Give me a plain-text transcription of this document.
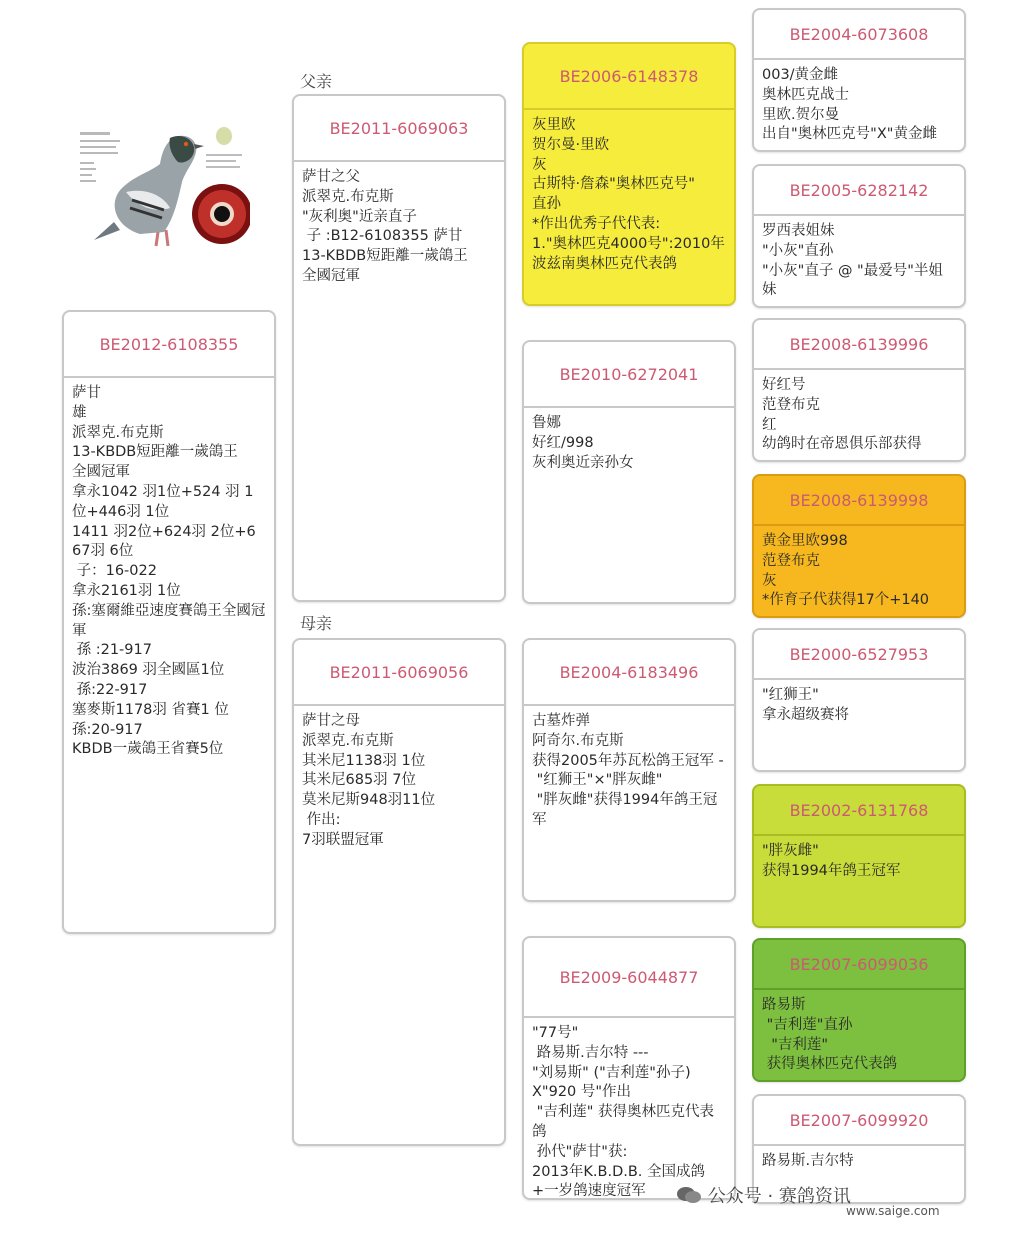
父亲
母亲
BE2012-6108355
萨甘
雄
派翠克.布克斯
13-KBDB短距離一歲鴿王
全國冠軍
拿永1042 羽1位+524 羽 1位+446羽 1位
1411 羽2位+624羽 2位+6 67羽 6位
子：16-022
拿永2161羽 1位
孫:塞爾維亞速度賽鴿王全國冠軍
孫 :21-917
波治3869 羽全國區1位
孫:22-917
塞麥斯1178羽 省賽1 位
孫:20-917
KBDB一歲鴿王省賽5位
BE2011-6069063
萨甘之父
派翠克.布克斯
"灰利奥"近亲直子
子 :B12-6108355 萨甘
13-KBDB短距離一歲鴿王
全國冠軍
BE2011-6069056
萨甘之母
派翠克.布克斯
其米尼1138羽 1位
其米尼685羽 7位
莫米尼斯948羽11位
作出:
7羽联盟冠軍
BE2006-6148378
灰里欧
贺尔曼·里欧
灰
古斯特·詹森"奥林匹克号"
直孙
*作出优秀子代代表:
1."奥林匹克4000号":2010年波兹南奥林匹克代表鸽
BE2010-6272041
鲁娜
好红/998
灰利奥近亲孙女
BE2004-6183496
古墓炸弹
阿奇尔.布克斯
获得2005年苏瓦松鸽王冠军 -
"红狮王"×"胖灰雌"
"胖灰雌"获得1994年鸽王冠军
BE2009-6044877
"77号"
路易斯.吉尔特 ---
"刘易斯" ("吉利莲"孙子)
X"920 号"作出
"吉利莲" 获得奥林匹克代表鸽
孙代"萨甘"获:
2013年K.B.D.B. 全国成鸽+一岁鸽速度冠军
BE2004-6073608
003/黄金雌
奥林匹克战士
里欧.贺尔曼
出自"奥林匹克号"X"黄金雌
BE2005-6282142
罗西表姐妹
"小灰"直孙
"小灰"直子 @ "最爱号"半姐妹
BE2008-6139996
好红号
范登布克
红
幼鸽时在帝恩俱乐部获得
BE2008-6139998
黄金里欧998
范登布克
灰
*作育子代获得17个+140
BE2000-6527953
"红狮王"
拿永超级赛将
BE2002-6131768
"胖灰雌"
获得1994年鸽王冠军
BE2007-6099036
路易斯
"吉利莲"直孙
"吉利莲"
获得奥林匹克代表鸽
BE2007-6099920
路易斯.吉尔特
公众号 · 赛鸽资讯
www.saige.com
